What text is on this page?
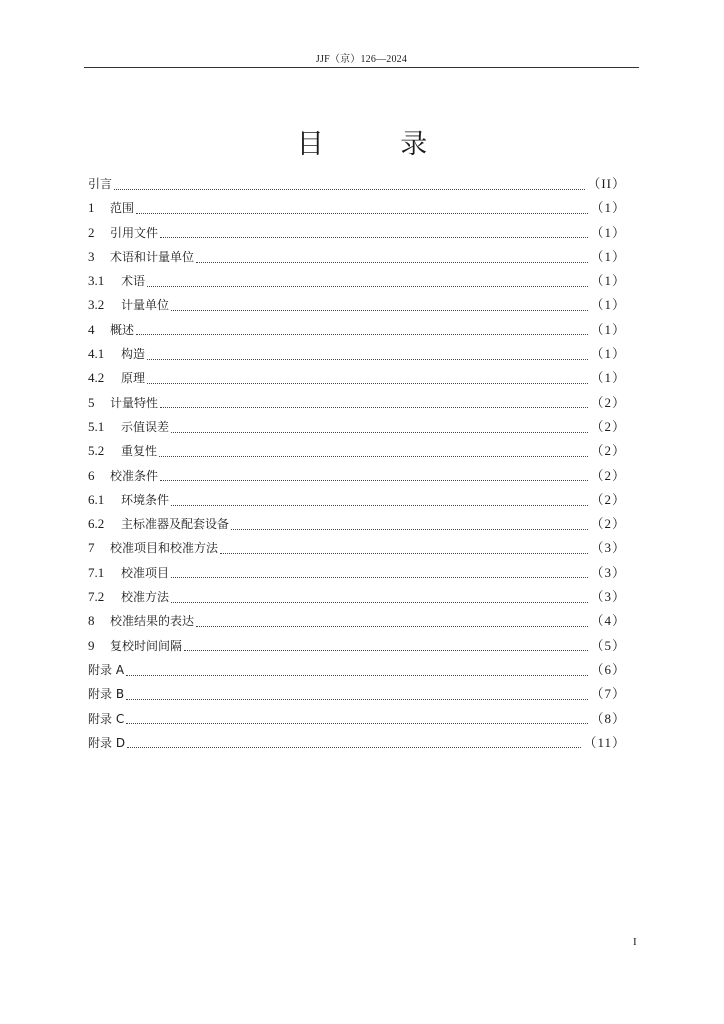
JJF（京）126—2024
目 录
引言	（II）
1	范围	（1）
2	引用文件	（1）
3	术语和计量单位	（1）
3.1	术语	（1）
3.2	计量单位	（1）
4	概述	（1）
4.1	构造	（1）
4.2	原理	（1）
5	计量特性	（2）
5.1	示值误差	（2）
5.2	重复性	（2）
6	校准条件	（2）
6.1	环境条件	（2）
6.2	主标准器及配套设备	（2）
7	校准项目和校准方法	（3）
7.1	校准项目	（3）
7.2	校准方法	（3）
8	校准结果的表达	（4）
9	复校时间间隔	（5）
附录 A	（6）
附录 B	（7）
附录 C	（8）
附录 D	（11）
I
